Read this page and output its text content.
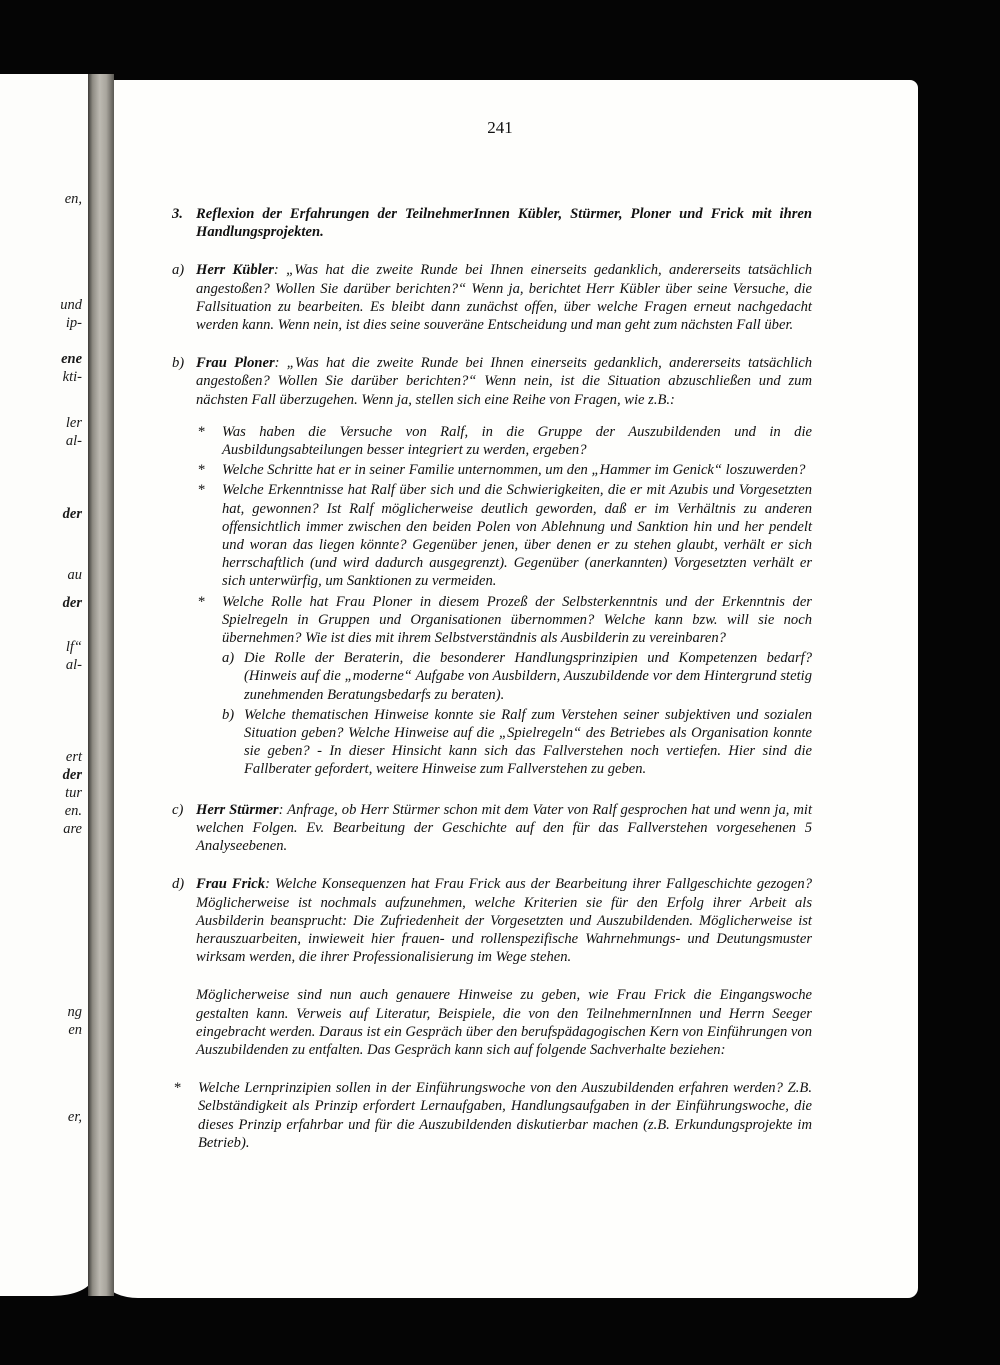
en,
und
ip-
ene
kti-
ler
al-
der
au
der
lf“
al-
ert
der
tur
en.
are
ng
en
er,
241
3. Reflexion der Erfahrungen der TeilnehmerInnen Kübler, Stürmer, Ploner und Frick mit ihren Handlungsprojekten.
a) Herr Kübler: „Was hat die zweite Runde bei Ihnen einerseits gedanklich, andererseits tatsächlich angestoßen? Wollen Sie darüber berichten?“ Wenn ja, berichtet Herr Kübler über seine Versuche, die Fallsituation zu bearbeiten. Es bleibt dann zunächst offen, über welche Fragen erneut nachgedacht werden kann. Wenn nein, ist dies seine souveräne Entscheidung und man geht zum nächsten Fall über.
b) Frau Ploner: „Was hat die zweite Runde bei Ihnen einerseits gedanklich, andererseits tatsächlich angestoßen? Wollen Sie darüber berichten?“ Wenn nein, ist die Situation abzuschließen und zum nächsten Fall überzugehen. Wenn ja, stellen sich eine Reihe von Fragen, wie z.B.:
*	Was haben die Versuche von Ralf, in die Gruppe der Auszubildenden und in die Ausbildungsabteilungen besser integriert zu werden, ergeben?
*	Welche Schritte hat er in seiner Familie unternommen, um den „Hammer im Genick“ loszuwerden?
*	Welche Erkenntnisse hat Ralf über sich und die Schwierigkeiten, die er mit Azubis und Vorgesetzten hat, gewonnen? Ist Ralf möglicherweise deutlich geworden, daß er im Verhältnis zu anderen offensichtlich immer zwischen den beiden Polen von Ablehnung und Sanktion hin und her pendelt und woran das liegen könnte? Gegenüber jenen, über denen er zu stehen glaubt, verhält er sich herrschaftlich (und wird dadurch ausgegrenzt). Gegenüber (anerkannten) Vorgesetzten verhält er sich unterwürfig, um Sanktionen zu vermeiden.
*	Welche Rolle hat Frau Ploner in diesem Prozeß der Selbsterkenntnis und der Erkenntnis der Spielregeln in Gruppen und Organisationen übernommen? Welche kann bzw. will sie noch übernehmen? Wie ist dies mit ihrem Selbstverständnis als Ausbilderin zu vereinbaren?
a) Die Rolle der Beraterin, die besonderer Handlungsprinzipien und Kompetenzen bedarf? (Hinweis auf die „moderne“ Aufgabe von Ausbildern, Auszubildende vor dem Hintergrund stetig zunehmenden Beratungsbedarfs zu beraten).
b) Welche thematischen Hinweise konnte sie Ralf zum Verstehen seiner subjektiven und sozialen Situation geben? Welche Hinweise auf die „Spielregeln“ des Betriebes als Organisation konnte sie geben? - In dieser Hinsicht kann sich das Fallverstehen noch vertiefen. Hier sind die Fallberater gefordert, weitere Hinweise zum Fallverstehen zu geben.
c) Herr Stürmer: Anfrage, ob Herr Stürmer schon mit dem Vater von Ralf gesprochen hat und wenn ja, mit welchen Folgen. Ev. Bearbeitung der Geschichte auf den für das Fallverstehen vorgesehenen 5 Analyseebenen.
d) Frau Frick: Welche Konsequenzen hat Frau Frick aus der Bearbeitung ihrer Fallgeschichte gezogen? Möglicherweise ist nochmals aufzunehmen, welche Kriterien sie für den Erfolg ihrer Arbeit als Ausbilderin beansprucht: Die Zufriedenheit der Vorgesetzten und Auszubildenden. Möglicherweise ist herauszuarbeiten, inwieweit hier frauen- und rollenspezifische Wahrnehmungs- und Deutungsmuster wirksam werden, die ihrer Professionalisierung im Wege stehen.
Möglicherweise sind nun auch genauere Hinweise zu geben, wie Frau Frick die Eingangswoche gestalten kann. Verweis auf Literatur, Beispiele, die von den TeilnehmernInnen und Herrn Seeger eingebracht werden. Daraus ist ein Gespräch über den berufspädagogischen Kern von Einführungen von Auszubildenden zu entfalten. Das Gespräch kann sich auf folgende Sachverhalte beziehen:
*	Welche Lernprinzipien sollen in der Einführungswoche von den Auszubildenden erfahren werden? Z.B. Selbständigkeit als Prinzip erfordert Lernaufgaben, Handlungsaufgaben in der Einführungswoche, die dieses Prinzip erfahrbar und für die Auszubildenden diskutierbar machen (z.B. Erkundungsprojekte im Betrieb).
